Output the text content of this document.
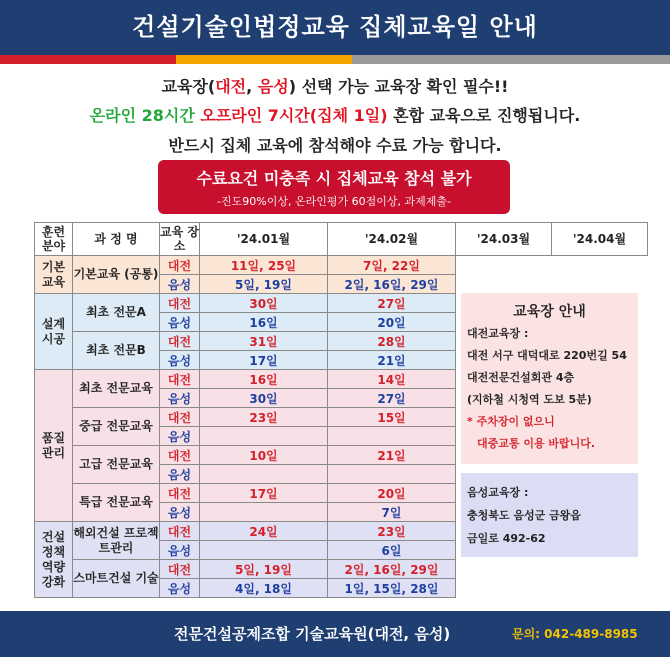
건설기술인법정교육 집체교육일 안내
교육장(대전, 음성) 선택 가능 교육장 확인 필수!!
온라인 28시간 오프라인 7시간(집체 1일) 혼합 교육으로 진행됩니다.
반드시 집체 교육에 참석해야 수료 가능 합니다.
수료요건 미충족 시 집체교육 참석 불가
-진도90%이상, 온라인평가 60점이상, 과제제출-
훈련 분야	과 정 명	교육 장소	'24.01월	'24.02월	'24.03월	'24.04월
기본 교육	기본교육 (공통)	대전	11일, 25일	7일, 22일		
		음성	5일, 19일	2일, 16일, 29일		
설계 시공	최초 전문A	대전	30일	27일		
		음성	16일	20일		
	최초 전문B	대전	31일	28일		
		음성	17일	21일		
품질 관리	최초 전문교육	대전	16일	14일		
		음성	30일	27일		
	중급 전문교육	대전	23일	15일		
		음성				
	고급 전문교육	대전	10일	21일		
		음성				
	특급 전문교육	대전	17일	20일		
		음성		7일		
건설 정책 역량 강화	해외건설 프로젝트관리	대전	24일	23일		
		음성		6일		
	스마트건설 기술	대전	5일, 19일	2일, 16일, 29일		
		음성	4일, 18일	1일, 15일, 28일		
교육장 안내
대전교육장 :
대전 서구 대덕대로 220번길 54
대전전문건설회관 4층
(지하철 시청역 도보 5분)
* 주차장이 없으니
대중교통 이용 바랍니다.
음성교육장 :
충청북도 음성군 금왕읍
금일로 492-62
전문건설공제조합 기술교육원(대전, 음성)	문의: 042-489-8985
